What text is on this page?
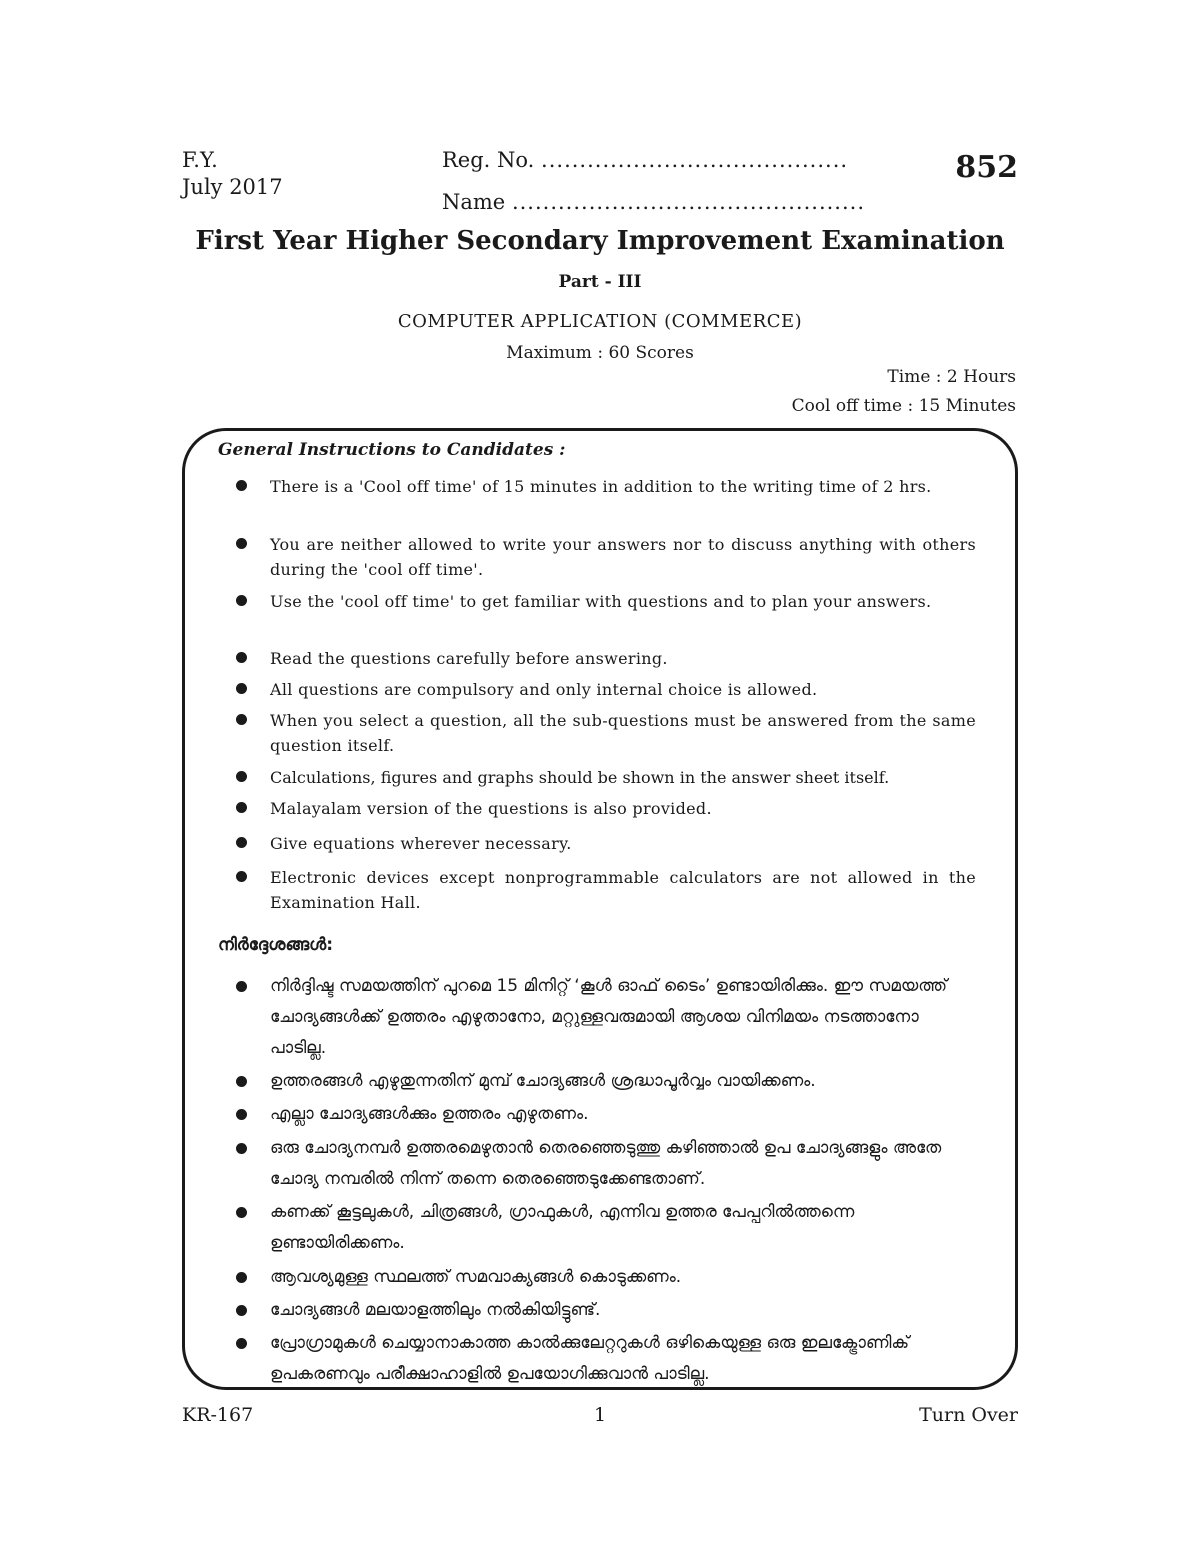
F.Y.
July 2017
Reg. No. ........................................
Name ..............................................
852
First Year Higher Secondary Improvement Examination
Part - III
COMPUTER APPLICATION (COMMERCE)
Maximum : 60 Scores
Time : 2 Hours
Cool off time : 15 Minutes
General Instructions to Candidates :
There is a 'Cool off time' of 15 minutes in addition to the writing time of 2 hrs.
You are neither allowed to write your answers nor to discuss anything with others during the 'cool off time'.
Use the 'cool off time' to get familiar with questions and to plan your answers.
Read the questions carefully before answering.
All questions are compulsory and only internal choice is allowed.
When you select a question, all the sub-questions must be answered from the same question itself.
Calculations, figures and graphs should be shown in the answer sheet itself.
Malayalam version of the questions is also provided.
Give equations wherever necessary.
Electronic devices except nonprogrammable calculators are not allowed in the Examination Hall.
നിർദ്ദേശങ്ങൾ:
നിർദ്ദിഷ്ട സമയത്തിന് പുറമെ 15 മിനിറ്റ് ‘കൂൾ ഓഫ് ടൈം’ ഉണ്ടായിരിക്കും. ഈ സമയത്ത് ചോദ്യങ്ങൾക്ക് ഉത്തരം എഴുതാനോ, മറ്റുള്ളവരുമായി ആശയ വിനിമയം നടത്താനോ പാടില്ല.
ഉത്തരങ്ങൾ എഴുതുന്നതിന് മുമ്പ് ചോദ്യങ്ങൾ ശ്രദ്ധാപൂർവ്വം വായിക്കണം.
എല്ലാ ചോദ്യങ്ങൾക്കും ഉത്തരം എഴുതണം.
ഒരു ചോദ്യനമ്പർ ഉത്തരമെഴുതാൻ തെരഞ്ഞെടുത്തു കഴിഞ്ഞാൽ ഉപ ചോദ്യങ്ങളും അതേ ചോദ്യ നമ്പരിൽ നിന്ന് തന്നെ തെരഞ്ഞെടുക്കേണ്ടതാണ്.
കണക്ക് കൂട്ടലുകൾ, ചിത്രങ്ങൾ, ഗ്രാഫുകൾ, എന്നിവ ഉത്തര പേപ്പറിൽത്തന്നെ ഉണ്ടായിരിക്കണം.
ആവശ്യമുള്ള സ്ഥലത്ത് സമവാക്യങ്ങൾ കൊടുക്കണം.
ചോദ്യങ്ങൾ മലയാളത്തിലും നൽകിയിട്ടുണ്ട്.
പ്രോഗ്രാമുകൾ ചെയ്യാനാകാത്ത കാൽക്കുലേറ്ററുകൾ ഒഴികെയുള്ള ഒരു ഇലക്ട്രോണിക് ഉപകരണവും പരീക്ഷാഹാളിൽ ഉപയോഗിക്കുവാൻ പാടില്ല.
KR-167	1	Turn Over
